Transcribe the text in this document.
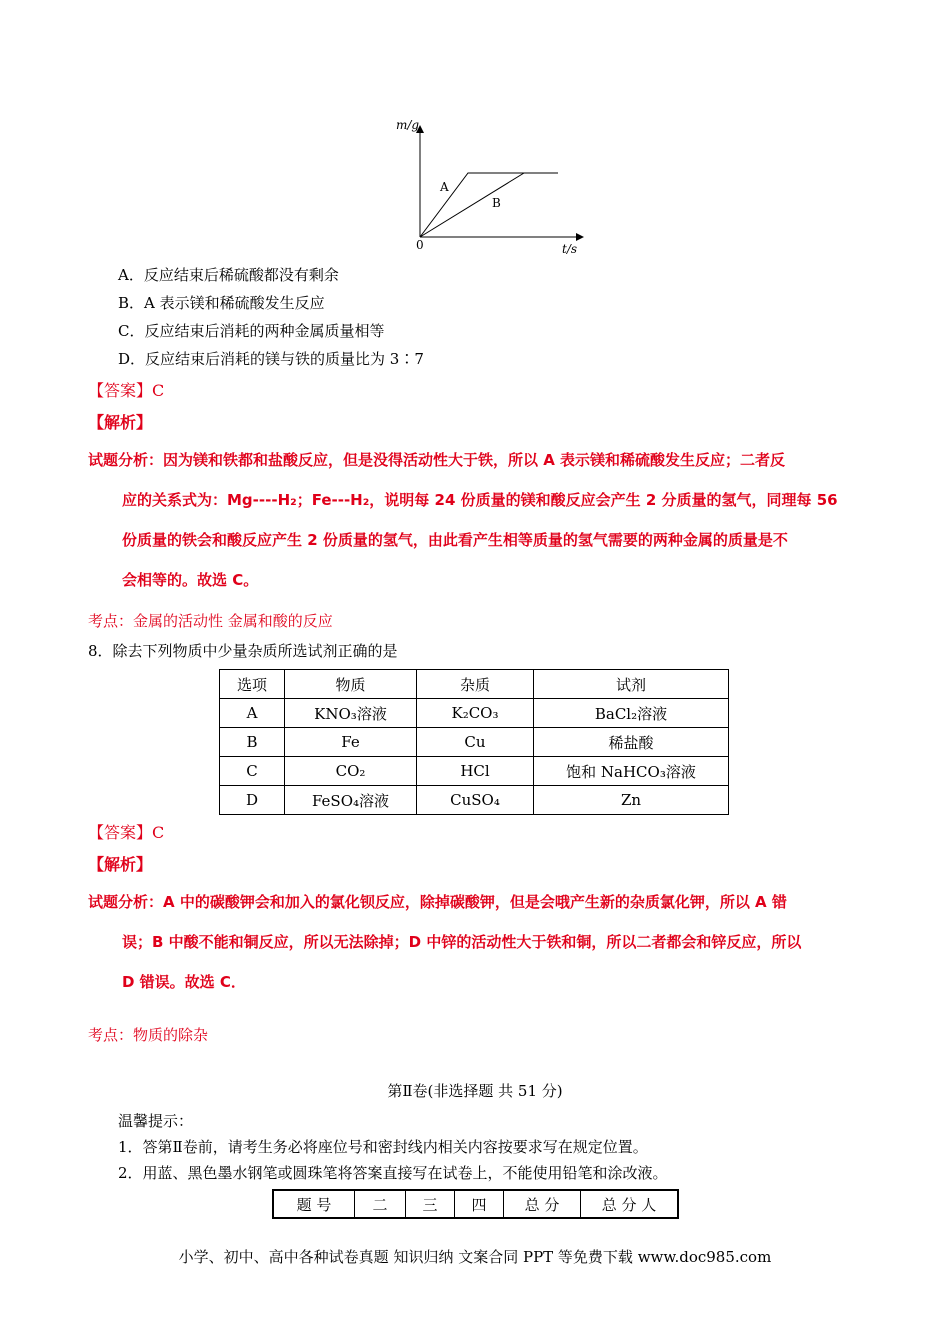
m/g
t/s
0
A
B
A．反应结束后稀硫酸都没有剩余
B．A 表示镁和稀硫酸发生反应
C．反应结束后消耗的两种金属质量相等
D．反应结束后消耗的镁与铁的质量比为 3∶7
【答案】C
【解析】
试题分析：因为镁和铁都和盐酸反应，但是没得活动性大于铁，所以 A 表示镁和稀硫酸发生反应；二者反
应的关系式为：Mg----H₂；Fe---H₂，说明每 24 份质量的镁和酸反应会产生 2 分质量的氢气，同理每 56
份质量的铁会和酸反应产生 2 份质量的氢气，由此看产生相等质量的氢气需要的两种金属的质量是不
会相等的。故选 C。
考点：金属的活动性 金属和酸的反应
8．除去下列物质中少量杂质所选试剂正确的是
选项	物质	杂质	试剂
A	KNO₃溶液	K₂CO₃	BaCl₂溶液
B	Fe	Cu	稀盐酸
C	CO₂	HCl	饱和 NaHCO₃溶液
D	FeSO₄溶液	CuSO₄	Zn
【答案】C
【解析】
试题分析：A 中的碳酸钾会和加入的氯化钡反应，除掉碳酸钾，但是会哦产生新的杂质氯化钾，所以 A 错
误；B 中酸不能和铜反应，所以无法除掉；D 中锌的活动性大于铁和铜，所以二者都会和锌反应，所以
D 错误。故选 C．
考点：物质的除杂
第Ⅱ卷(非选择题 共 51 分)
温馨提示：
1．答第Ⅱ卷前，请考生务必将座位号和密封线内相关内容按要求写在规定位置。
2．用蓝、黑色墨水钢笔或圆珠笔将答案直接写在试卷上，不能使用铅笔和涂改液。
题 号	二	三	四	总 分	总 分 人
小学、初中、高中各种试卷真题 知识归纳 文案合同 PPT 等免费下载 www.doc985.com
